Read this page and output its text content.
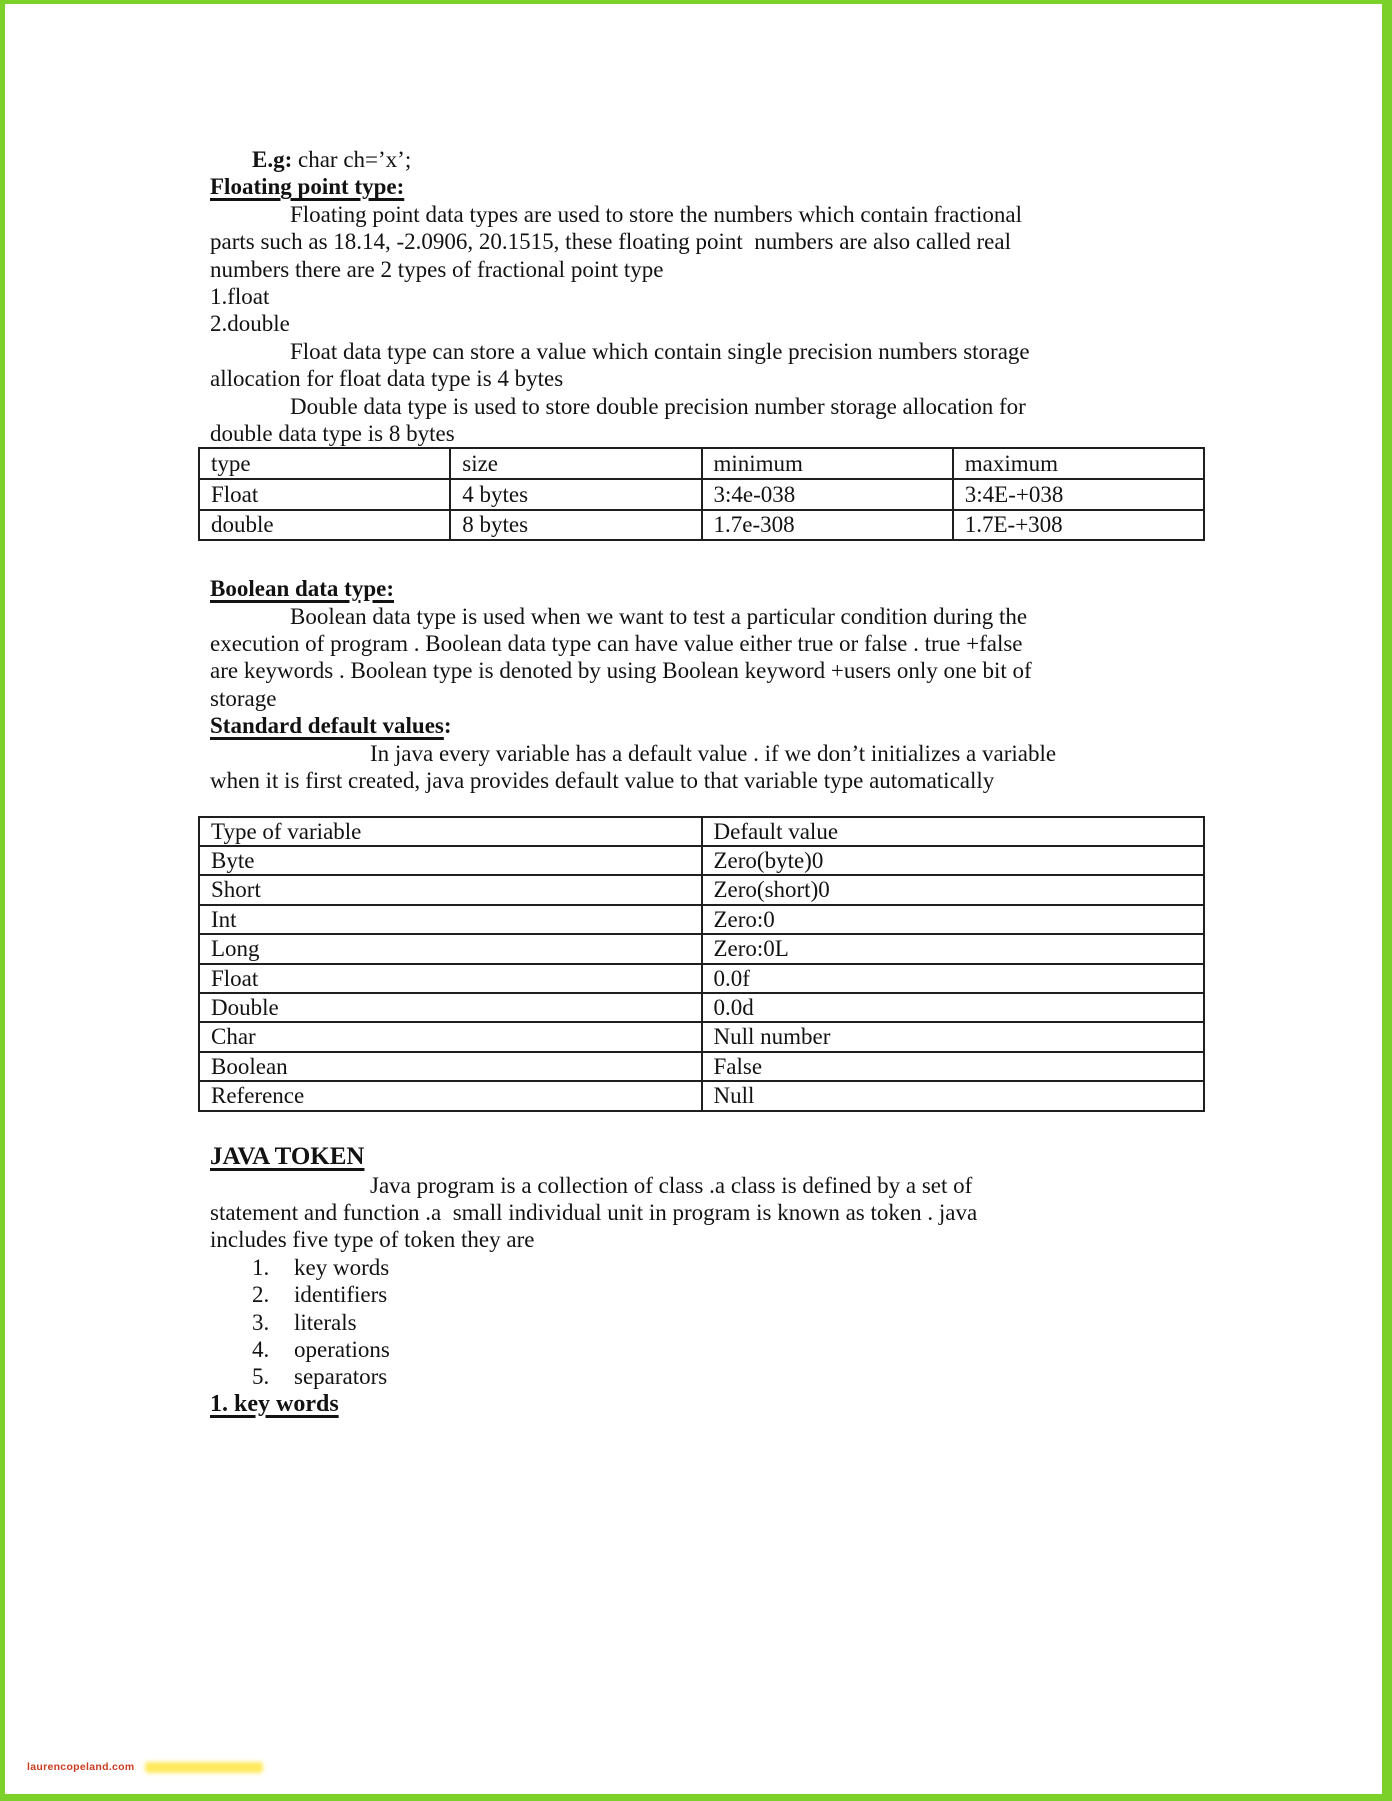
E.g: char ch=’x’;
Floating point type:
	Floating point data types are used to store the numbers which contain fractional
parts such as 18.14, -2.0906, 20.1515, these floating point  numbers are also called real
numbers there are 2 types of fractional point type
1.float
2.double
	Float data type can store a value which contain single precision numbers storage
allocation for float data type is 4 bytes
	Double data type is used to store double precision number storage allocation for
double data type is 8 bytes
type	size	minimum	maximum
Float	4 bytes	3:4e-038	3:4E-+038
double	8 bytes	1.7e-308	1.7E-+308
Boolean data type:
	Boolean data type is used when we want to test a particular condition during the
execution of program . Boolean data type can have value either true or false . true +false
are keywords . Boolean type is denoted by using Boolean keyword +users only one bit of
storage
Standard default values:
		In java every variable has a default value . if we don’t initializes a variable
when it is first created, java provides default value to that variable type automatically
Type of variable	Default value
Byte	Zero(byte)0
Short	Zero(short)0
Int	Zero:0
Long	Zero:0L
Float	0.0f
Double	0.0d
Char	Null number
Boolean	False
Reference	Null
JAVA TOKEN
		Java program is a collection of class .a class is defined by a set of
statement and function .a  small individual unit in program is known as token . java
includes five type of token they are
	1.	key words
	2.	identifiers
	3.	literals
	4.	operations
	5.	separators
1. key words
laurencopeland.com
